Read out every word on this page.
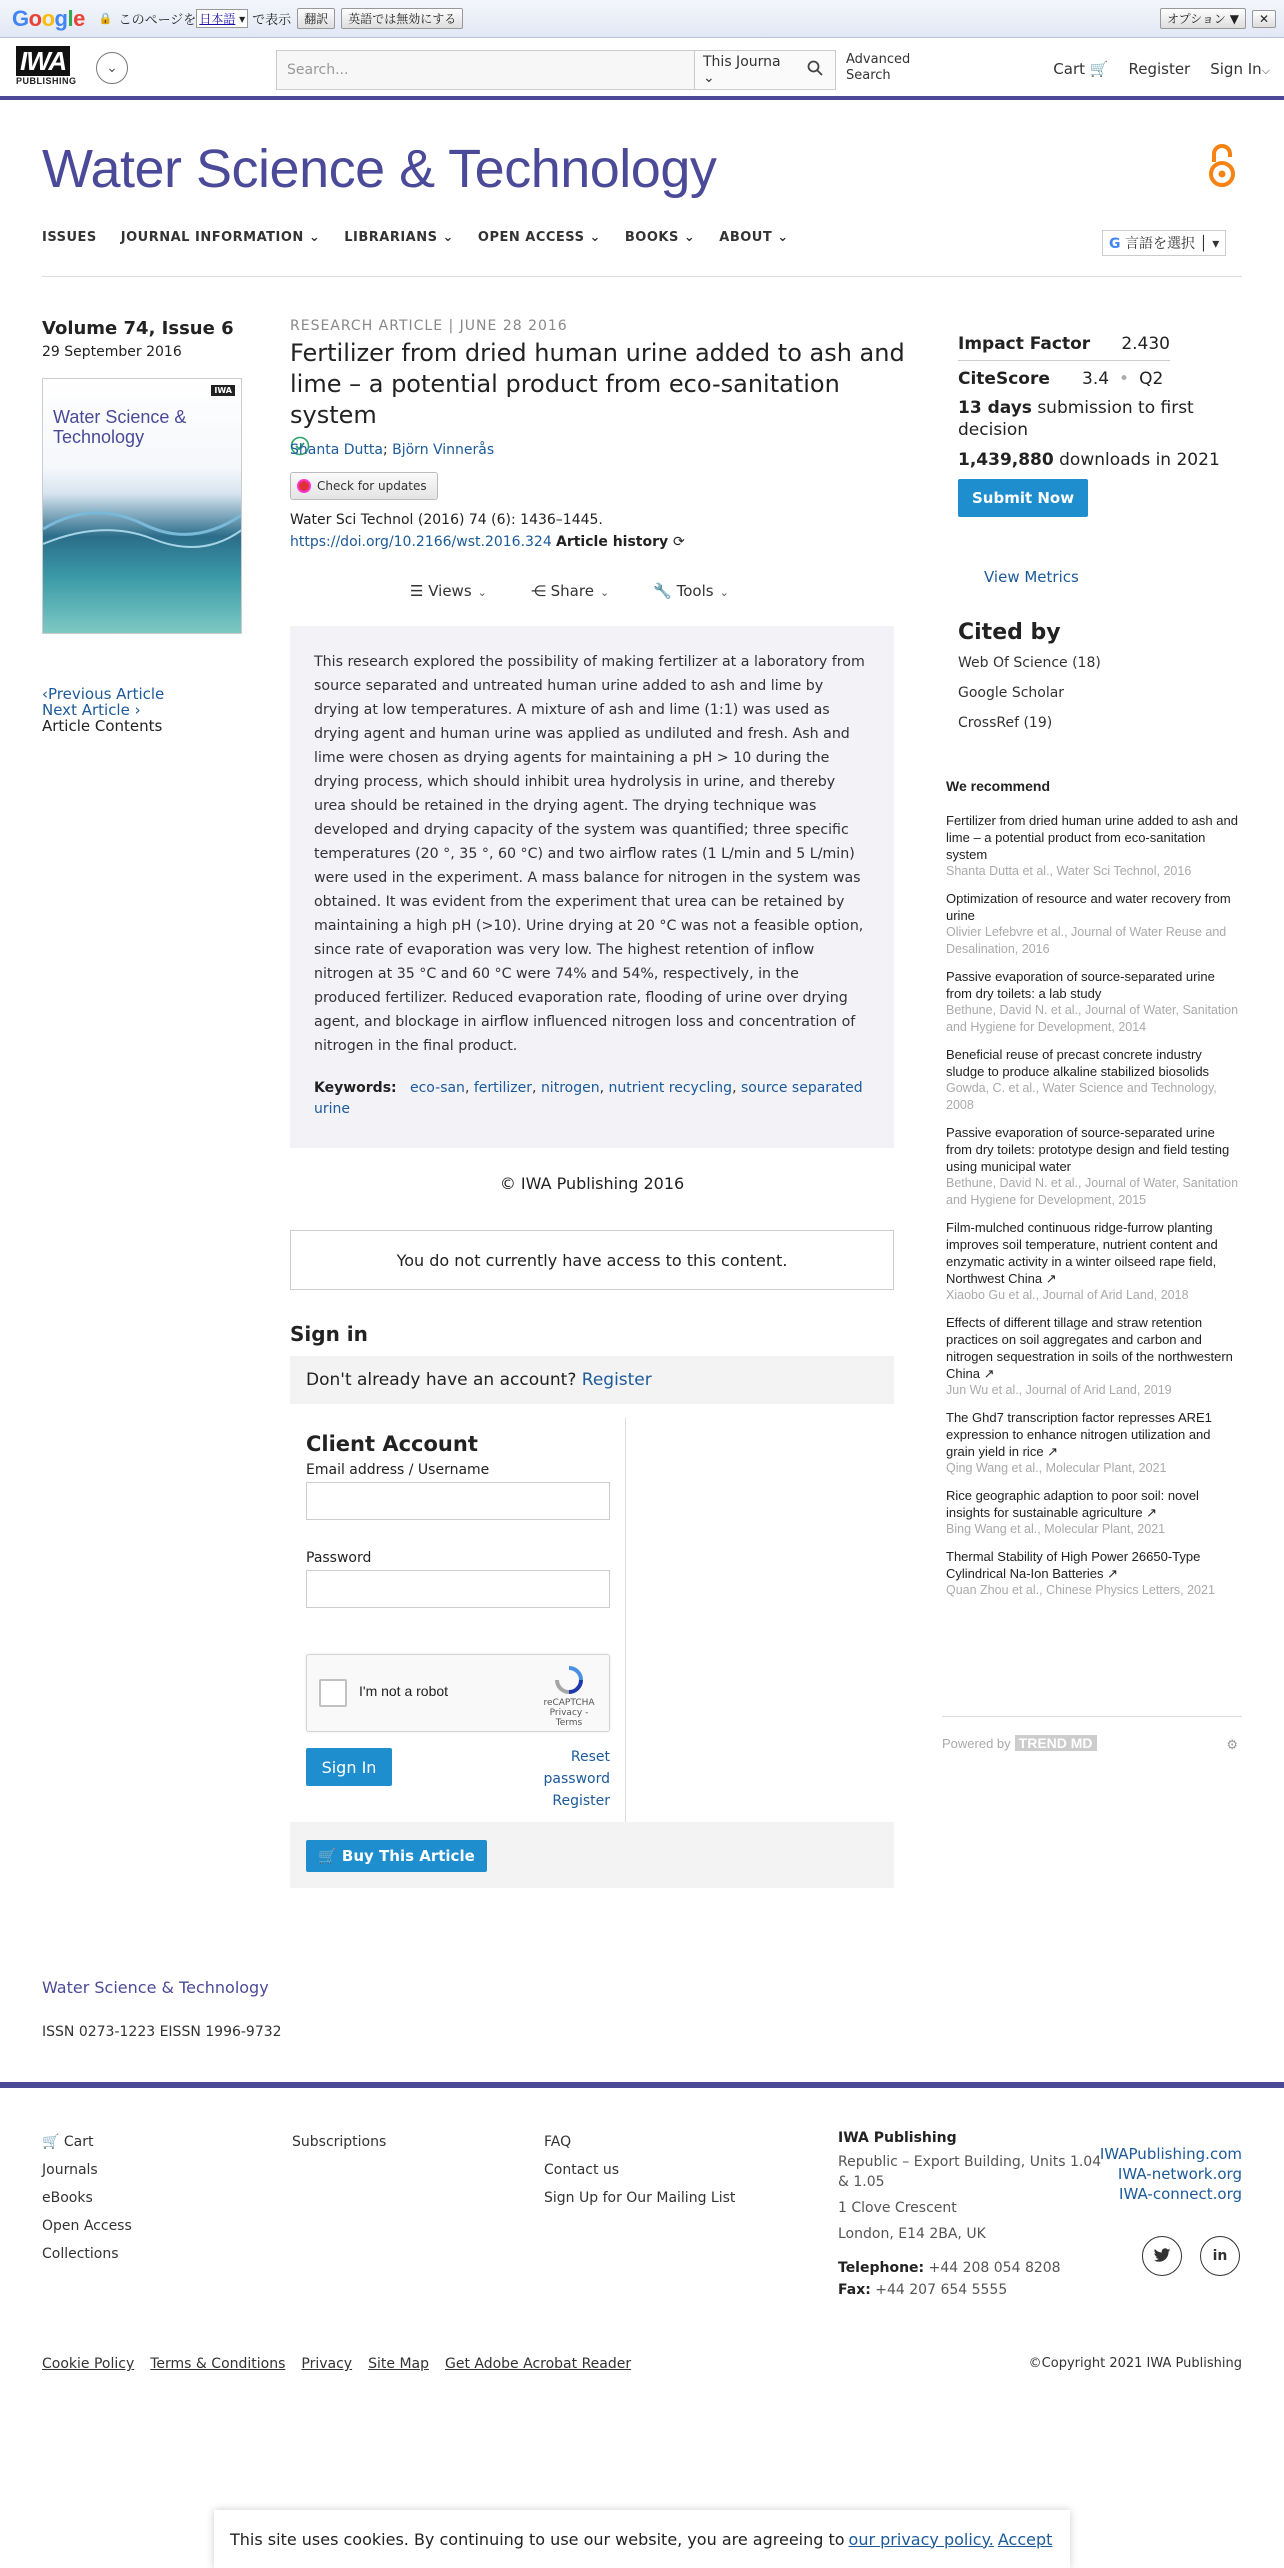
Google 🔒 このページを 日本語 ▾ で表示	翻訳	英語では無効にする	オプション ▼	✕
IWA
PUBLISHING
⌄	Search...	This Journa ⌄
Advanced Search	Cart 🛒 Register Sign In⌵
Water Science & Technology
ISSUES JOURNAL INFORMATION ⌄ LIBRARIANS ⌄ OPEN ACCESS ⌄ BOOKS ⌄ ABOUT ⌄	G 言語を選択 │ ▾
Volume 74, Issue 6
29 September 2016
IWA
Water Science & Technology
‹Previous Article
Next Article ›
Article Contents
RESEARCH ARTICLE | JUNE 28 2016
Fertilizer from dried human urine added to ash and lime – a potential product from eco-sanitation system
Shanta Dutta; Björn Vinnerås
Check for updates
Water Sci Technol (2016) 74 (6): 1436–1445.
https://doi.org/10.2166/wst.2016.324 Article history ⟳
☰ Views ⌄	⋲ Share ⌄	🔧 Tools ⌄

This research explored the possibility of making fertilizer at a laboratory from source separated and untreated human urine added to ash and lime by drying at low temperatures. A mixture of ash and lime (1:1) was used as drying agent and human urine was applied as undiluted and fresh. Ash and lime were chosen as drying agents for maintaining a pH > 10 during the drying process, which should inhibit urea hydrolysis in urine, and thereby urea should be retained in the drying agent. The drying technique was developed and drying capacity of the system was quantified; three specific temperatures (20 °, 35 °, 60 °C) and two airflow rates (1 L/min and 5 L/min) were used in the experiment. A mass balance for nitrogen in the system was obtained. It was evident from the experiment that urea can be retained by maintaining a high pH (>10). Urine drying at 20 °C was not a feasible option, since rate of evaporation was very low. The highest retention of inflow nitrogen at 35 °C and 60 °C were 74% and 54%, respectively, in the produced fertilizer. Reduced evaporation rate, flooding of urine over drying agent, and blockage in airflow influenced nitrogen loss and concentration of nitrogen in the final product.

Keywords: eco-san, fertilizer, nitrogen, nutrient recycling, source separated urine
© IWA Publishing 2016
You do not currently have access to this content.
Sign in
Don't already have an account?
Register
Client Account
Email address / Username
Password
I'm not a robot
reCAPTCHA
Privacy - Terms
Sign In
Reset password
Register
🛒
Buy This Article
Impact Factor	2.430
CiteScore	3.4 • Q2
13 days submission to first decision
1,439,880 downloads in 2021
Submit Now
View Metrics
Cited by
Web Of Science (18)
Google Scholar
CrossRef (19)
We recommend
Fertilizer from dried human urine added to ash and lime – a potential product from eco-sanitation system
Shanta Dutta et al., Water Sci Technol, 2016
Optimization of resource and water recovery from urine
Olivier Lefebvre et al., Journal of Water Reuse and Desalination, 2016
Passive evaporation of source-separated urine from dry toilets: a lab study
Bethune, David N. et al., Journal of Water, Sanitation and Hygiene for Development, 2014
Beneficial reuse of precast concrete industry sludge to produce alkaline stabilized biosolids
Gowda, C. et al., Water Science and Technology, 2008
Passive evaporation of source-separated urine from dry toilets: prototype design and field testing using municipal water
Bethune, David N. et al., Journal of Water, Sanitation and Hygiene for Development, 2015
Film-mulched continuous ridge-furrow planting improves soil temperature, nutrient content and enzymatic activity in a winter oilseed rape field, Northwest China ↗
Xiaobo Gu et al., Journal of Arid Land, 2018
Effects of different tillage and straw retention practices on soil aggregates and carbon and nitrogen sequestration in soils of the northwestern China ↗
Jun Wu et al., Journal of Arid Land, 2019
The Ghd7 transcription factor represses ARE1 expression to enhance nitrogen utilization and grain yield in rice ↗
Qing Wang et al., Molecular Plant, 2021
Rice geographic adaption to poor soil: novel insights for sustainable agriculture ↗
Bing Wang et al., Molecular Plant, 2021
Thermal Stability of High Power 26650-Type Cylindrical Na-Ion Batteries ↗
Quan Zhou et al., Chinese Physics Letters, 2021
Powered by TREND MD	⚙
Water Science & Technology
ISSN 0273-1223 EISSN 1996-9732
🛒 Cart
Journals
eBooks
Open Access
Collections
Subscriptions	FAQ
Contact us
Sign Up for Our Mailing List
IWA Publishing

Republic – Export Building, Units 1.04 & 1.05

1 Clove Crescent

London, E14 2BA, UK

Telephone: +44 208 054 8208

Fax: +44 207 654 5555

IWAPublishing.com
IWA-network.org
IWA-connect.org
in
Cookie Policy Terms & Conditions Privacy Site Map Get Adobe Acrobat Reader	©Copyright 2021 IWA Publishing
This site uses cookies. By continuing to use our website, you are agreeing to our privacy policy. Accept
